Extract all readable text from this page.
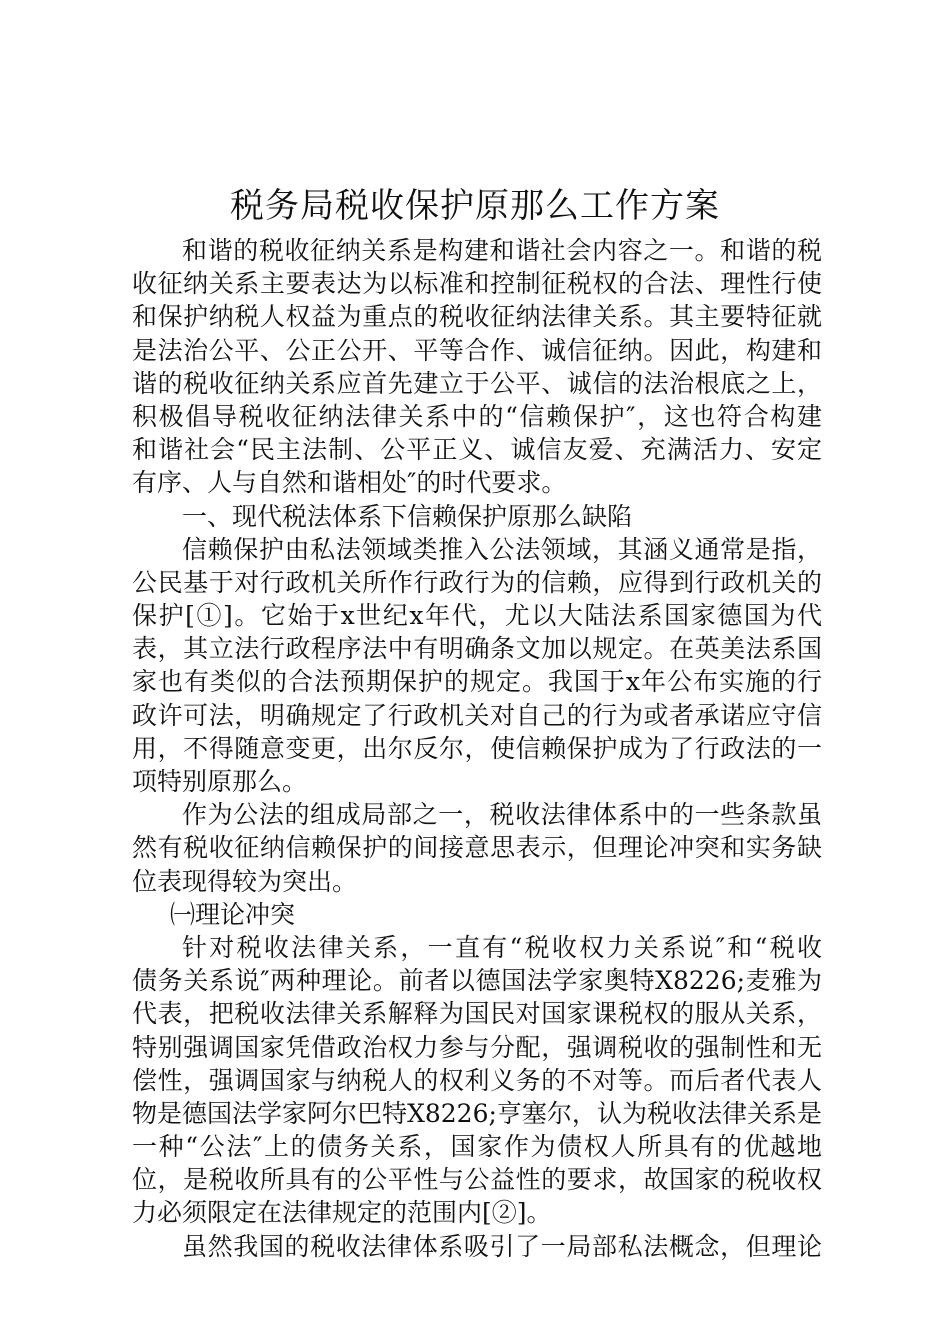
税务局税收保护原那么工作方案
和谐的税收征纳关系是构建和谐社会内容之一。和谐的税
收征纳关系主要表达为以标准和控制征税权的合法、理性行使
和保护纳税人权益为重点的税收征纳法律关系。其主要特征就
是法治公平、公正公开、平等合作、诚信征纳。因此，构建和
谐的税收征纳关系应首先建立于公平、诚信的法治根底之上，
积极倡导税收征纳法律关系中的“信赖保护″，这也符合构建
和谐社会“民主法制、公平正义、诚信友爱、充满活力、安定
有序、人与自然和谐相处″的时代要求。
一、现代税法体系下信赖保护原那么缺陷
信赖保护由私法领域类推入公法领域，其涵义通常是指，
公民基于对行政机关所作行政行为的信赖，应得到行政机关的
保护[①]。它始于x世纪x年代，尤以大陆法系国家德国为代
表，其立法行政程序法中有明确条文加以规定。在英美法系国
家也有类似的合法预期保护的规定。我国于x年公布实施的行
政许可法，明确规定了行政机关对自己的行为或者承诺应守信
用，不得随意变更，出尔反尔，使信赖保护成为了行政法的一
项特别原那么。
作为公法的组成局部之一，税收法律体系中的一些条款虽
然有税收征纳信赖保护的间接意思表示，但理论冲突和实务缺
位表现得较为突出。
㈠理论冲突
针对税收法律关系，一直有“税收权力关系说″和“税收
债务关系说″两种理论。前者以德国法学家奥特X8226;麦雅为
代表，把税收法律关系解释为国民对国家课税权的服从关系，
特别强调国家凭借政治权力参与分配，强调税收的强制性和无
偿性，强调国家与纳税人的权利义务的不对等。而后者代表人
物是德国法学家阿尔巴特X8226;亨塞尔，认为税收法律关系是
一种“公法″上的债务关系，国家作为债权人所具有的优越地
位，是税收所具有的公平性与公益性的要求，故国家的税收权
力必须限定在法律规定的范围内[②]。
虽然我国的税收法律体系吸引了一局部私法概念，但理论
